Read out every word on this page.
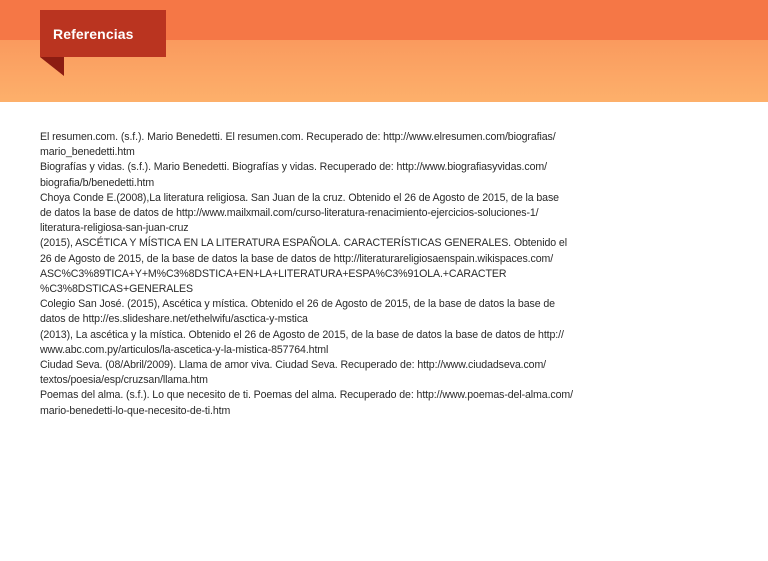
Referencias
El resumen.com. (s.f.). Mario Benedetti. El resumen.com. Recuperado de: http://www.elresumen.com/biografias/
mario_benedetti.htm
Biografías y vidas. (s.f.). Mario Benedetti. Biografías y vidas. Recuperado de: http://www.biografiasyvidas.com/
biografia/b/benedetti.htm
Choya Conde E.(2008),La literatura religiosa. San Juan de la cruz. Obtenido el 26 de Agosto de 2015, de la base
de datos la base de datos de http://www.mailxmail.com/curso-literatura-renacimiento-ejercicios-soluciones-1/
literatura-religiosa-san-juan-cruz
(2015), ASCÉTICA Y MÍSTICA EN LA LITERATURA ESPAÑOLA. CARACTERÍSTICAS GENERALES. Obtenido el
26 de Agosto de 2015, de la base de datos la base de datos de http://literaturareligiosaenspain.wikispaces.com/
ASC%C3%89TICA+Y+M%C3%8DSTICA+EN+LA+LITERATURA+ESPA%C3%91OLA.+CARACTER
%C3%8DSTICAS+GENERALES
Colegio San José. (2015), Ascética y mística. Obtenido el 26 de Agosto de 2015, de la base de datos la base de
datos de http://es.slideshare.net/ethelwifu/asctica-y-mstica
(2013), La ascética y la mística. Obtenido el 26 de Agosto de 2015, de la base de datos la base de datos de http://
www.abc.com.py/articulos/la-ascetica-y-la-mistica-857764.html
Ciudad Seva. (08/Abril/2009). Llama de amor viva. Ciudad Seva. Recuperado de: http://www.ciudadseva.com/
textos/poesia/esp/cruzsan/llama.htm
Poemas del alma. (s.f.). Lo que necesito de ti. Poemas del alma. Recuperado de: http://www.poemas-del-alma.com/
mario-benedetti-lo-que-necesito-de-ti.htm
